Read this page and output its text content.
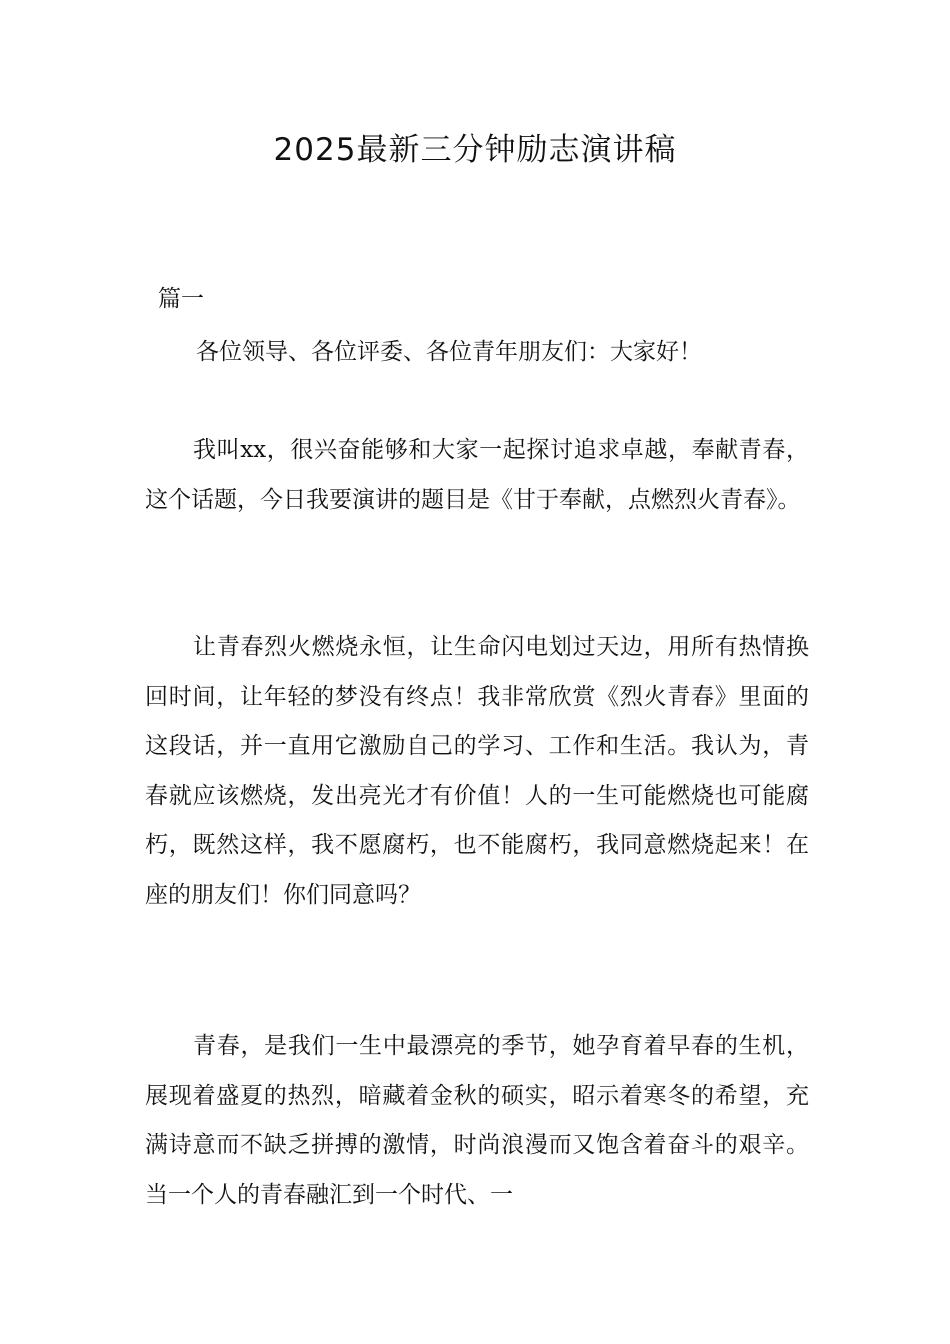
2025最新三分钟励志演讲稿
篇一
各位领导、各位评委、各位青年朋友们：大家好！

我叫xx，很兴奋能够和大家一起探讨追求卓越，奉献青春，这个话题，今日我要演讲的题目是《甘于奉献，点燃烈火青春》。

让青春烈火燃烧永恒，让生命闪电划过天边，用所有热情换回时间，让年轻的梦没有终点！我非常欣赏《烈火青春》里面的这段话，并一直用它激励自己的学习、工作和生活。我认为，青春就应该燃烧，发出亮光才有价值！人的一生可能燃烧也可能腐朽，既然这样，我不愿腐朽，也不能腐朽，我同意燃烧起来！在座的朋友们！你们同意吗？

青春，是我们一生中最漂亮的季节，她孕育着早春的生机，展现着盛夏的热烈，暗藏着金秋的硕实，昭示着寒冬的希望，充满诗意而不缺乏拼搏的激情，时尚浪漫而又饱含着奋斗的艰辛。当一个人的青春融汇到一个时代、一
